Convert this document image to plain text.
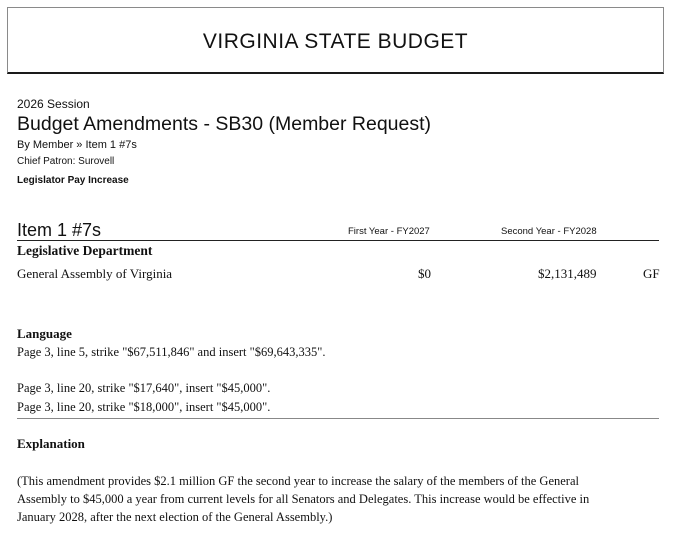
VIRGINIA STATE BUDGET
2026 Session
Budget Amendments - SB30 (Member Request)
By Member » Item 1 #7s
Chief Patron: Surovell
Legislator Pay Increase
Item 1 #7s	First Year - FY2027	Second Year - FY2028
Legislative Department
General Assembly of Virginia	$0	$2,131,489	GF
Language
Page 3, line 5, strike "$67,511,846" and insert "$69,643,335".
Page 3, line 20, strike "$17,640", insert "$45,000".
Page 3, line 20, strike "$18,000", insert "$45,000".
Explanation
(This amendment provides $2.1 million GF the second year to increase the salary of the members of the General
Assembly to $45,000 a year from current levels for all Senators and Delegates. This increase would be effective in
January 2028, after the next election of the General Assembly.)
